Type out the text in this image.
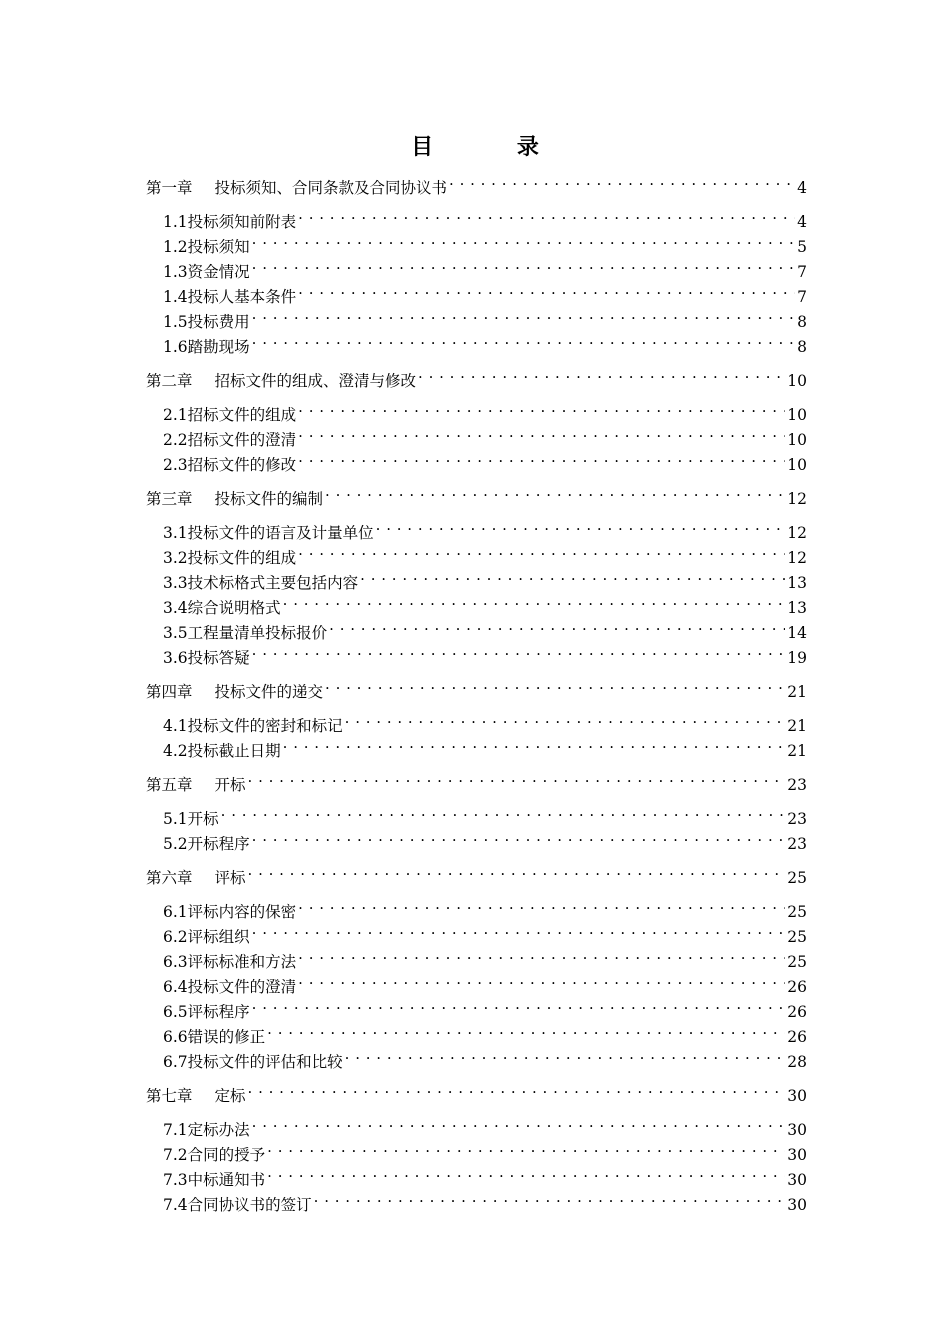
目 录
第一章 投标须知、合同条款及合同协议书 . . .	4
1.1投标须知前附表 . . .	4
1.2投标须知 . . .	5
1.3资金情况 . . .	7
1.4投标人基本条件 . . .	7
1.5投标费用 . . .	8
1.6踏勘现场 . . .	8
第二章 招标文件的组成、澄清与修改 . . .	10
2.1招标文件的组成 . . .	10
2.2招标文件的澄清 . . .	10
2.3招标文件的修改 . . .	10
第三章 投标文件的编制 . . .	12
3.1投标文件的语言及计量单位 . . .	12
3.2投标文件的组成 . . .	12
3.3技术标格式主要包括内容 . . .	13
3.4综合说明格式 . . .	13
3.5工程量清单投标报价 . . .	14
3.6投标答疑 . . .	19
第四章 投标文件的递交 . . .	21
4.1投标文件的密封和标记 . . .	21
4.2投标截止日期 . . .	21
第五章 开标 . . .	23
5.1开标 . . .	23
5.2开标程序 . . .	23
第六章 评标 . . .	25
6.1评标内容的保密 . . .	25
6.2评标组织 . . .	25
6.3评标标准和方法 . . .	25
6.4投标文件的澄清 . . .	26
6.5评标程序 . . .	26
6.6错误的修正 . . .	26
6.7投标文件的评估和比较 . . .	28
第七章 定标 . . .	30
7.1定标办法 . . .	30
7.2合同的授予 . . .	30
7.3中标通知书 . . .	30
7.4合同协议书的签订 . . .	30
